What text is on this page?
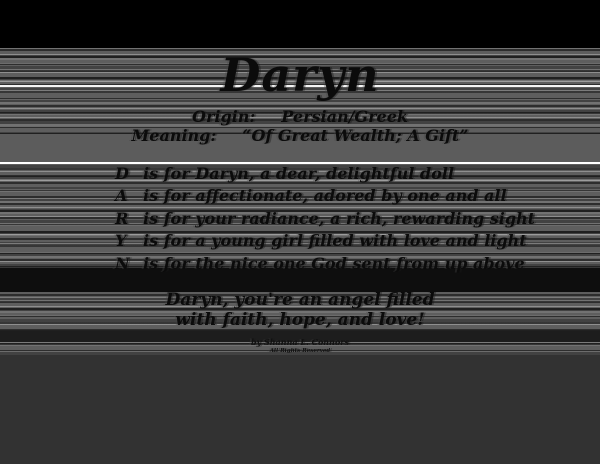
Daryn
Origin: Persian/Greek
Meaning: “Of Great Wealth; A Gift”
D is for Daryn, a dear, delightful doll
A is for affectionate, adored by one and all
R is for your radiance, a rich, rewarding sight
Y is for a young girl filled with love and light
N is for the nice one God sent from up above
Daryn, you're an angel filled
with faith, hope, and love!
by Shanna L. Connors
All Rights Reserved
